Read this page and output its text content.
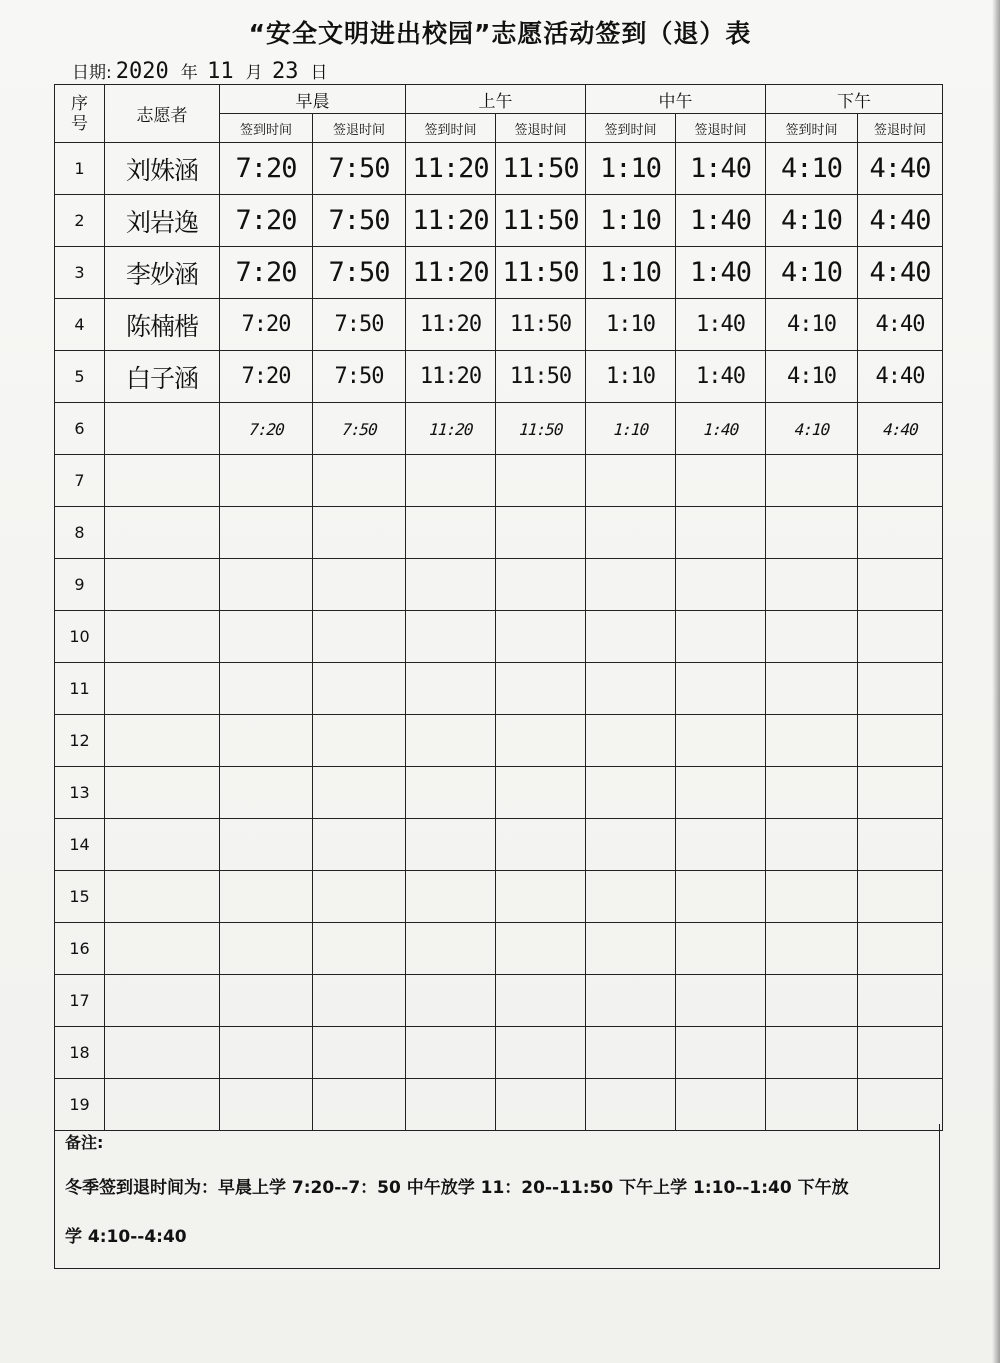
“安全文明进出校园”志愿活动签到（退）表
日期: 2020 年 11 月 23 日
序号	志愿者	早晨		上午		中午		下午	
		签到时间	签退时间	签到时间	签退时间	签到时间	签退时间	签到时间	签退时间
1	刘姝涵	7:20	7:50	11:20	11:50	1:10	1:40	4:10	4:40
2	刘岩逸	7:20	7:50	11:20	11:50	1:10	1:40	4:10	4:40
3	李妙涵	7:20	7:50	11:20	11:50	1:10	1:40	4:10	4:40
4	陈楠楷	7:20	7:50	11:20	11:50	1:10	1:40	4:10	4:40
5	白子涵	7:20	7:50	11:20	11:50	1:10	1:40	4:10	4:40
6		7:20	7:50	11:20	11:50	1:10	1:40	4:10	4:40
7									
8									
9									
10									
11									
12									
13									
14									
15									
16									
17									
18									
19									
备注:
冬季签到退时间为：早晨上学 7:20--7：50 中午放学 11：20--11:50 下午上学 1:10--1:40 下午放
学 4:10--4:40
